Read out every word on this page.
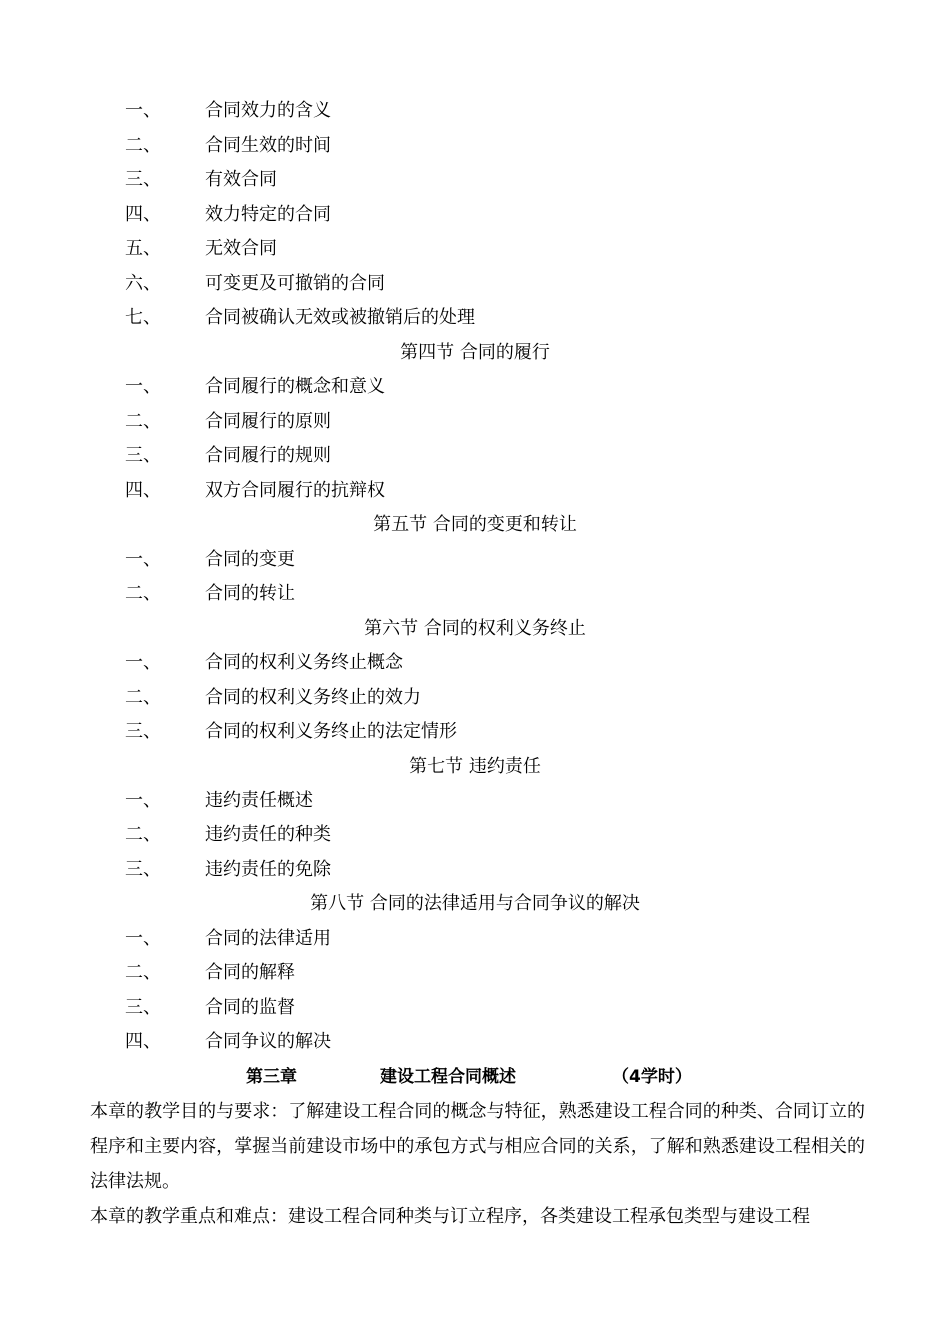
一、 合同效力的含义
二、 合同生效的时间
三、 有效合同
四、 效力特定的合同
五、 无效合同
六、 可变更及可撤销的合同
七、 合同被确认无效或被撤销后的处理
第四节 合同的履行
一、 合同履行的概念和意义
二、 合同履行的原则
三、 合同履行的规则
四、 双方合同履行的抗辩权
第五节 合同的变更和转让
一、 合同的变更
二、 合同的转让
第六节 合同的权利义务终止
一、 合同的权利义务终止概念
二、 合同的权利义务终止的效力
三、 合同的权利义务终止的法定情形
第七节 违约责任
一、 违约责任概述
二、 违约责任的种类
三、 违约责任的免除
第八节 合同的法律适用与合同争议的解决
一、 合同的法律适用
二、 合同的解释
三、 合同的监督
四、 合同争议的解决
第三章	建设工程合同概述	（4学时）
本章的教学目的与要求：了解建设工程合同的概念与特征，熟悉建设工程合同的种类、合同订立的程序和主要内容，掌握当前建设市场中的承包方式与相应合同的关系，了解和熟悉建设工程相关的法律法规。
本章的教学重点和难点：建设工程合同种类与订立程序，各类建设工程承包类型与建设工程
